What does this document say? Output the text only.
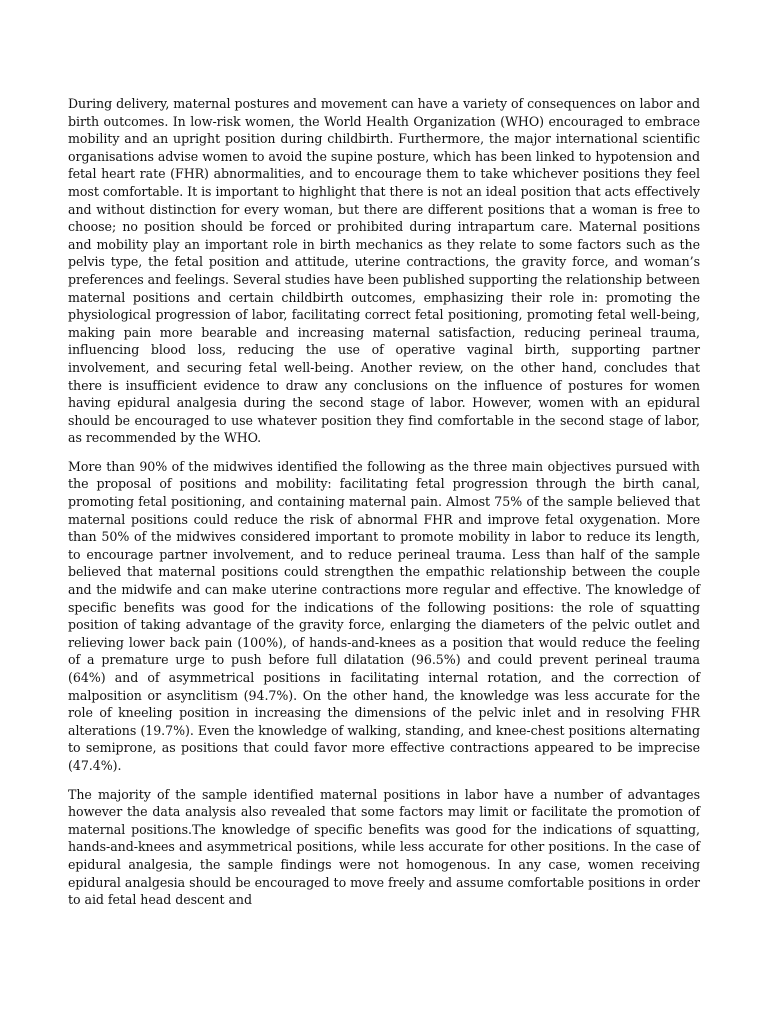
During delivery, maternal postures and movement can have a variety of consequences on labor and birth outcomes. In low-risk women, the World Health Organization (WHO) encouraged to embrace mobility and an upright position during childbirth. Furthermore, the major international scientific organisations advise women to avoid the supine posture, which has been linked to hypotension and fetal heart rate (FHR) abnormalities, and to encourage them to take whichever positions they feel most comfortable. It is important to highlight that there is not an ideal position that acts effectively and without distinction for every woman, but there are different positions that a woman is free to choose; no position should be forced or prohibited during intrapartum care. Maternal positions and mobility play an important role in birth mechanics as they relate to some factors such as the pelvis type, the fetal position and attitude, uterine contractions, the gravity force, and woman’s preferences and feelings. Several studies have been published supporting the relationship between maternal positions and certain childbirth outcomes, emphasizing their role in: promoting the physiological progression of labor, facilitating correct fetal positioning, promoting fetal well-being, making pain more bearable and increasing maternal satisfaction, reducing perineal trauma, influencing blood loss, reducing the use of operative vaginal birth, supporting partner involvement, and securing fetal well-being. Another review, on the other hand, concludes that there is insufficient evidence to draw any conclusions on the influence of postures for women having epidural analgesia during the second stage of labor. However, women with an epidural should be encouraged to use whatever position they find comfortable in the second stage of labor, as recommended by the WHO.

More than 90% of the midwives identified the following as the three main objectives pursued with the proposal of positions and mobility: facilitating fetal progression through the birth canal, promoting fetal positioning, and containing maternal pain. Almost 75% of the sample believed that maternal positions could reduce the risk of abnormal FHR and improve fetal oxygenation. More than 50% of the midwives considered important to promote mobility in labor to reduce its length, to encourage partner involvement, and to reduce perineal trauma. Less than half of the sample believed that maternal positions could strengthen the empathic relationship between the couple and the midwife and can make uterine contractions more regular and effective. The knowledge of specific benefits was good for the indications of the following positions: the role of squatting position of taking advantage of the gravity force, enlarging the diameters of the pelvic outlet and relieving lower back pain (100%), of hands-and-knees as a position that would reduce the feeling of a premature urge to push before full dilatation (96.5%) and could prevent perineal trauma (64%) and of asymmetrical positions in facilitating internal rotation, and the correction of malposition or asynclitism (94.7%). On the other hand, the knowledge was less accurate for the role of kneeling position in increasing the dimensions of the pelvic inlet and in resolving FHR alterations (19.7%). Even the knowledge of walking, standing, and knee-chest positions alternating to semiprone, as positions that could favor more effective contractions appeared to be imprecise (47.4%).

The majority of the sample identified maternal positions in labor have a number of advantages however the data analysis also revealed that some factors may limit or facilitate the promotion of maternal positions.The knowledge of specific benefits was good for the indications of squatting, hands-and-knees and asymmetrical positions, while less accurate for other positions. In the case of epidural analgesia, the sample findings were not homogenous. In any case, women receiving epidural analgesia should be encouraged to move freely and assume comfortable positions in order to aid fetal head descent and
